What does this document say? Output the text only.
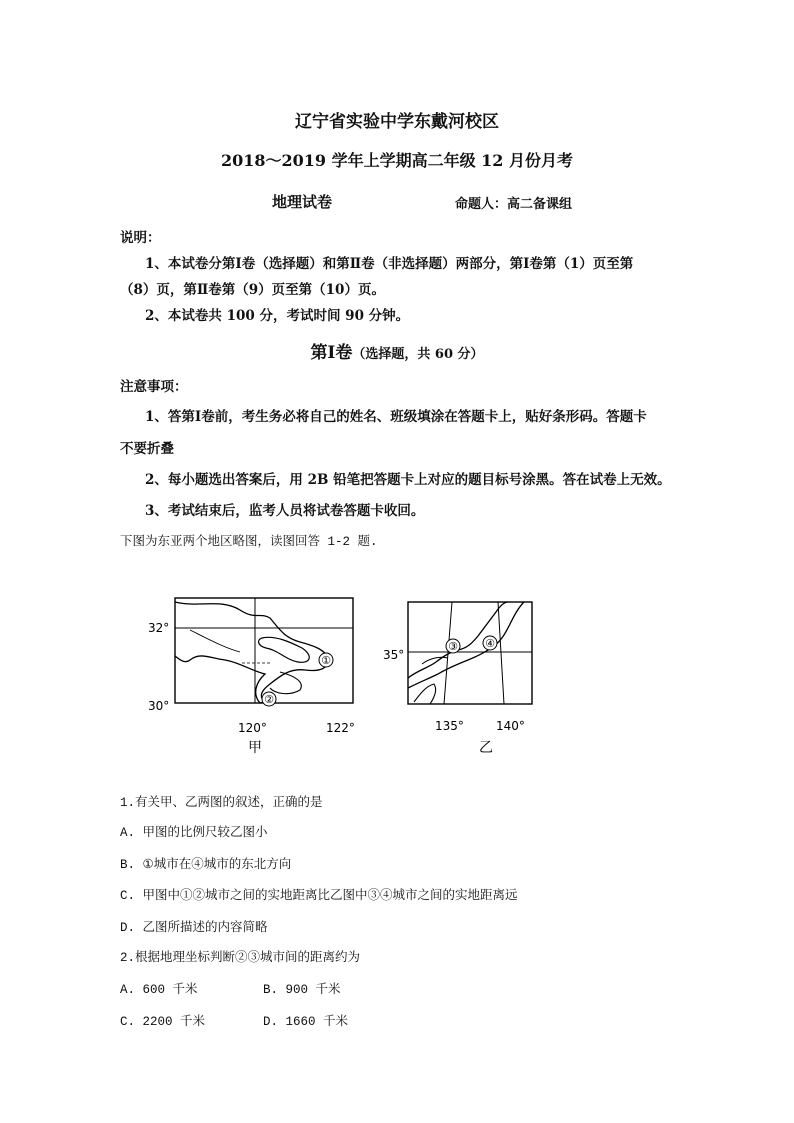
辽宁省实验中学东戴河校区
2018～2019 学年上学期高二年级 12 月份月考
地理试卷	命题人：高二备课组
说明：
1、本试卷分第Ⅰ卷（选择题）和第Ⅱ卷（非选择题）两部分，第Ⅰ卷第（1）页至第
（8）页，第Ⅱ卷第（9）页至第（10）页。
2、本试卷共 100 分，考试时间 90 分钟。
第Ⅰ卷（选择题，共 60 分）
注意事项：
1、答第Ⅰ卷前，考生务必将自己的姓名、班级填涂在答题卡上，贴好条形码。答题卡
不要折叠
2、每小题选出答案后，用 2B 铅笔把答题卡上对应的题目标号涂黑。答在试卷上无效。
3、考试结束后，监考人员将试卷答题卡收回。
下图为东亚两个地区略图，读图回答 1-2 题.
①
②
32°
30°
120°	122°
甲
③ ④
35°
135°	140°
乙
1.有关甲、乙两图的叙述，正确的是
A. 甲图的比例尺较乙图小
B. ①城市在④城市的东北方向
C. 甲图中①②城市之间的实地距离比乙图中③④城市之间的实地距离远
D. 乙图所描述的内容简略
2.根据地理坐标判断②③城市间的距离约为
A. 600 千米	B. 900 千米
C. 2200 千米	D. 1660 千米
